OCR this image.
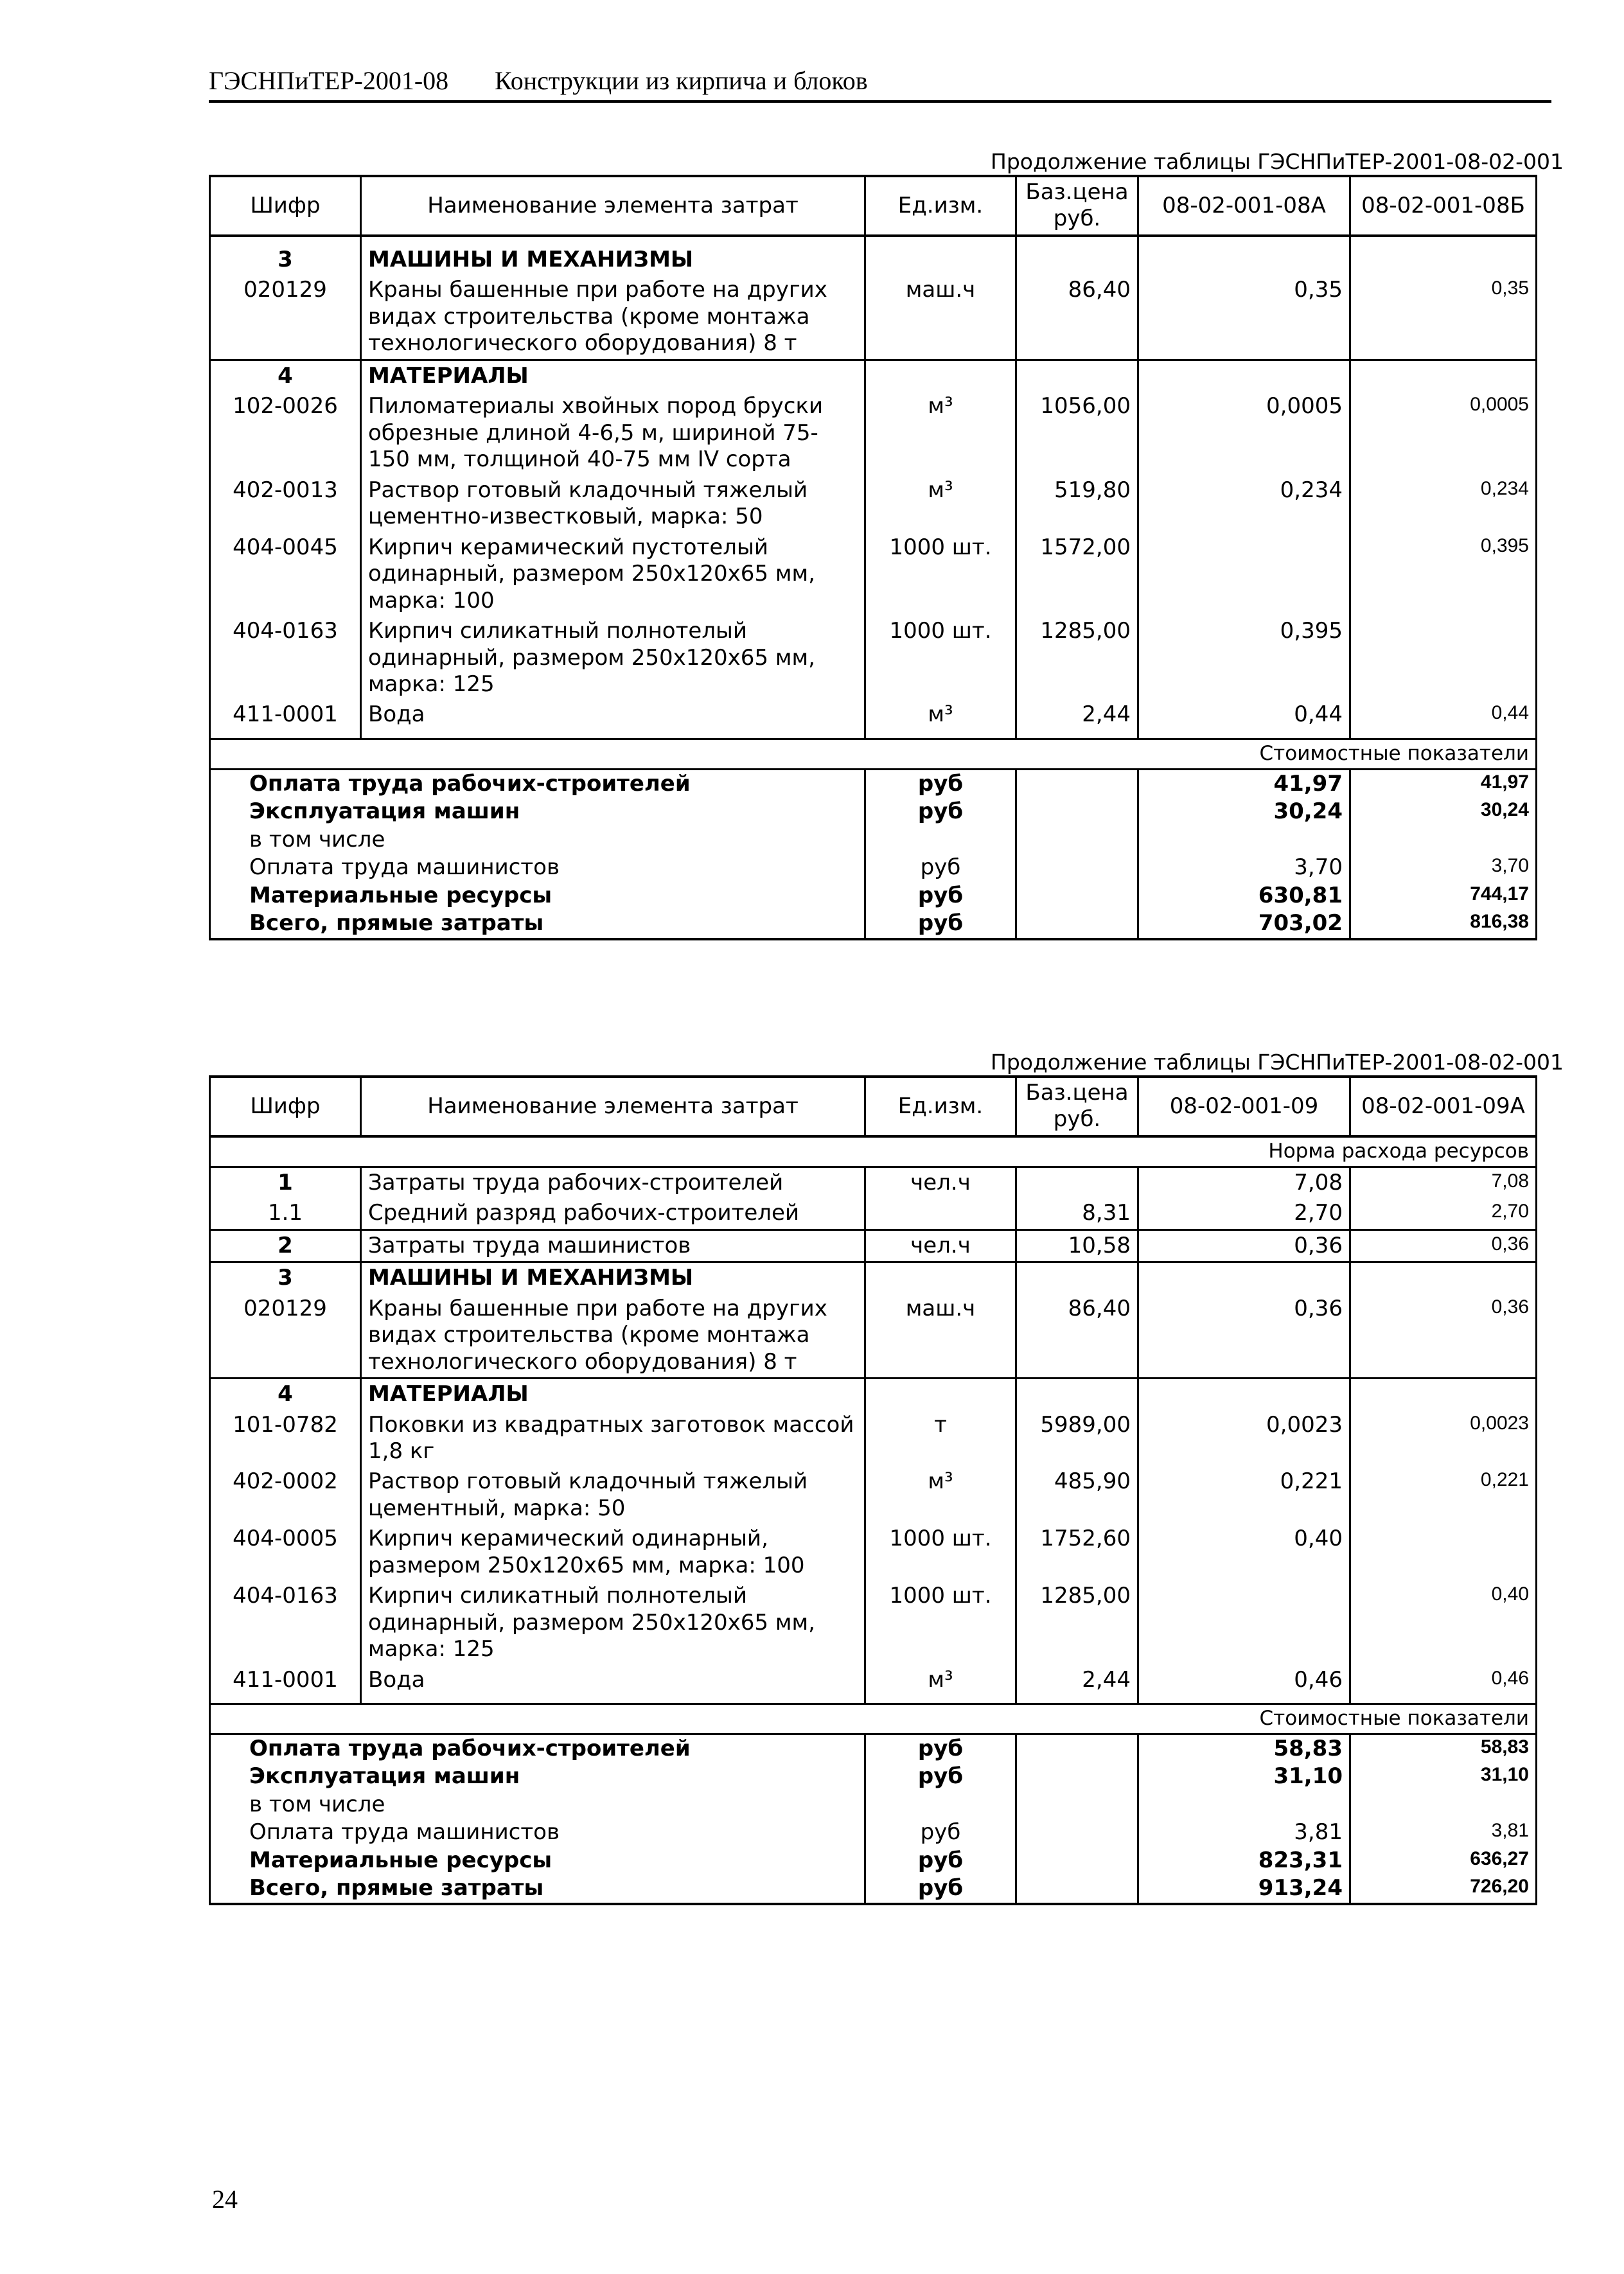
ГЭСНПиТЕР-2001-08 Конструкции из кирпича и блоков
Продолжение таблицы ГЭСНПиТЕР-2001-08-02-001
Шифр	Наименование элемента затрат	Ед.изм.	Баз.цена руб.	08-02-001-08А	08-02-001-08Б

3	МАШИНЫ И МЕХАНИЗМЫ				
020129	Краны башенные при работе на других видах строительства (кроме монтажа технологического оборудования) 8 т	маш.ч	86,40	0,35	0,35
4	МАТЕРИАЛЫ				
102-0026	Пиломатериалы хвойных пород бруски обрезные длиной 4-6,5 м, шириной 75-150 мм, толщиной 40-75 мм IV сорта	м³	1056,00	0,0005	0,0005
402-0013	Раствор готовый кладочный тяжелый цементно-известковый, марка: 50	м³	519,80	0,234	0,234
404-0045	Кирпич керамический пустотелый одинарный, размером 250х120х65 мм, марка: 100	1000 шт.	1572,00		0,395
404-0163	Кирпич силикатный полнотелый одинарный, размером 250х120х65 мм, марка: 125	1000 шт.	1285,00	0,395	
411-0001	Вода	м³	2,44	0,44	0,44

Стоимостные показатели					
Оплата труда рабочих-строителей		руб		41,97	41,97
Эксплуатация машин		руб		30,24	30,24
в том числе					
Оплата труда машинистов		руб		3,70	3,70
Материальные ресурсы		руб		630,81	744,17
Всего, прямые затраты		руб		703,02	816,38
Продолжение таблицы ГЭСНПиТЕР-2001-08-02-001
Шифр	Наименование элемента затрат	Ед.изм.	Баз.цена руб.	08-02-001-09	08-02-001-09А
Норма расхода ресурсов					
1	Затраты труда рабочих-строителей	чел.ч		7,08	7,08
1.1	Средний разряд рабочих-строителей		8,31	2,70	2,70
2	Затраты труда машинистов	чел.ч	10,58	0,36	0,36
3	МАШИНЫ И МЕХАНИЗМЫ				
020129	Краны башенные при работе на других видах строительства (кроме монтажа технологического оборудования) 8 т	маш.ч	86,40	0,36	0,36
4	МАТЕРИАЛЫ				
101-0782	Поковки из квадратных заготовок массой 1,8 кг	т	5989,00	0,0023	0,0023
402-0002	Раствор готовый кладочный тяжелый цементный, марка: 50	м³	485,90	0,221	0,221
404-0005	Кирпич керамический одинарный, размером 250х120х65 мм, марка: 100	1000 шт.	1752,60	0,40	
404-0163	Кирпич силикатный полнотелый одинарный, размером 250х120х65 мм, марка: 125	1000 шт.	1285,00		0,40
411-0001	Вода	м³	2,44	0,46	0,46

Стоимостные показатели					
Оплата труда рабочих-строителей		руб		58,83	58,83
Эксплуатация машин		руб		31,10	31,10
в том числе					
Оплата труда машинистов		руб		3,81	3,81
Материальные ресурсы		руб		823,31	636,27
Всего, прямые затраты		руб		913,24	726,20
24
